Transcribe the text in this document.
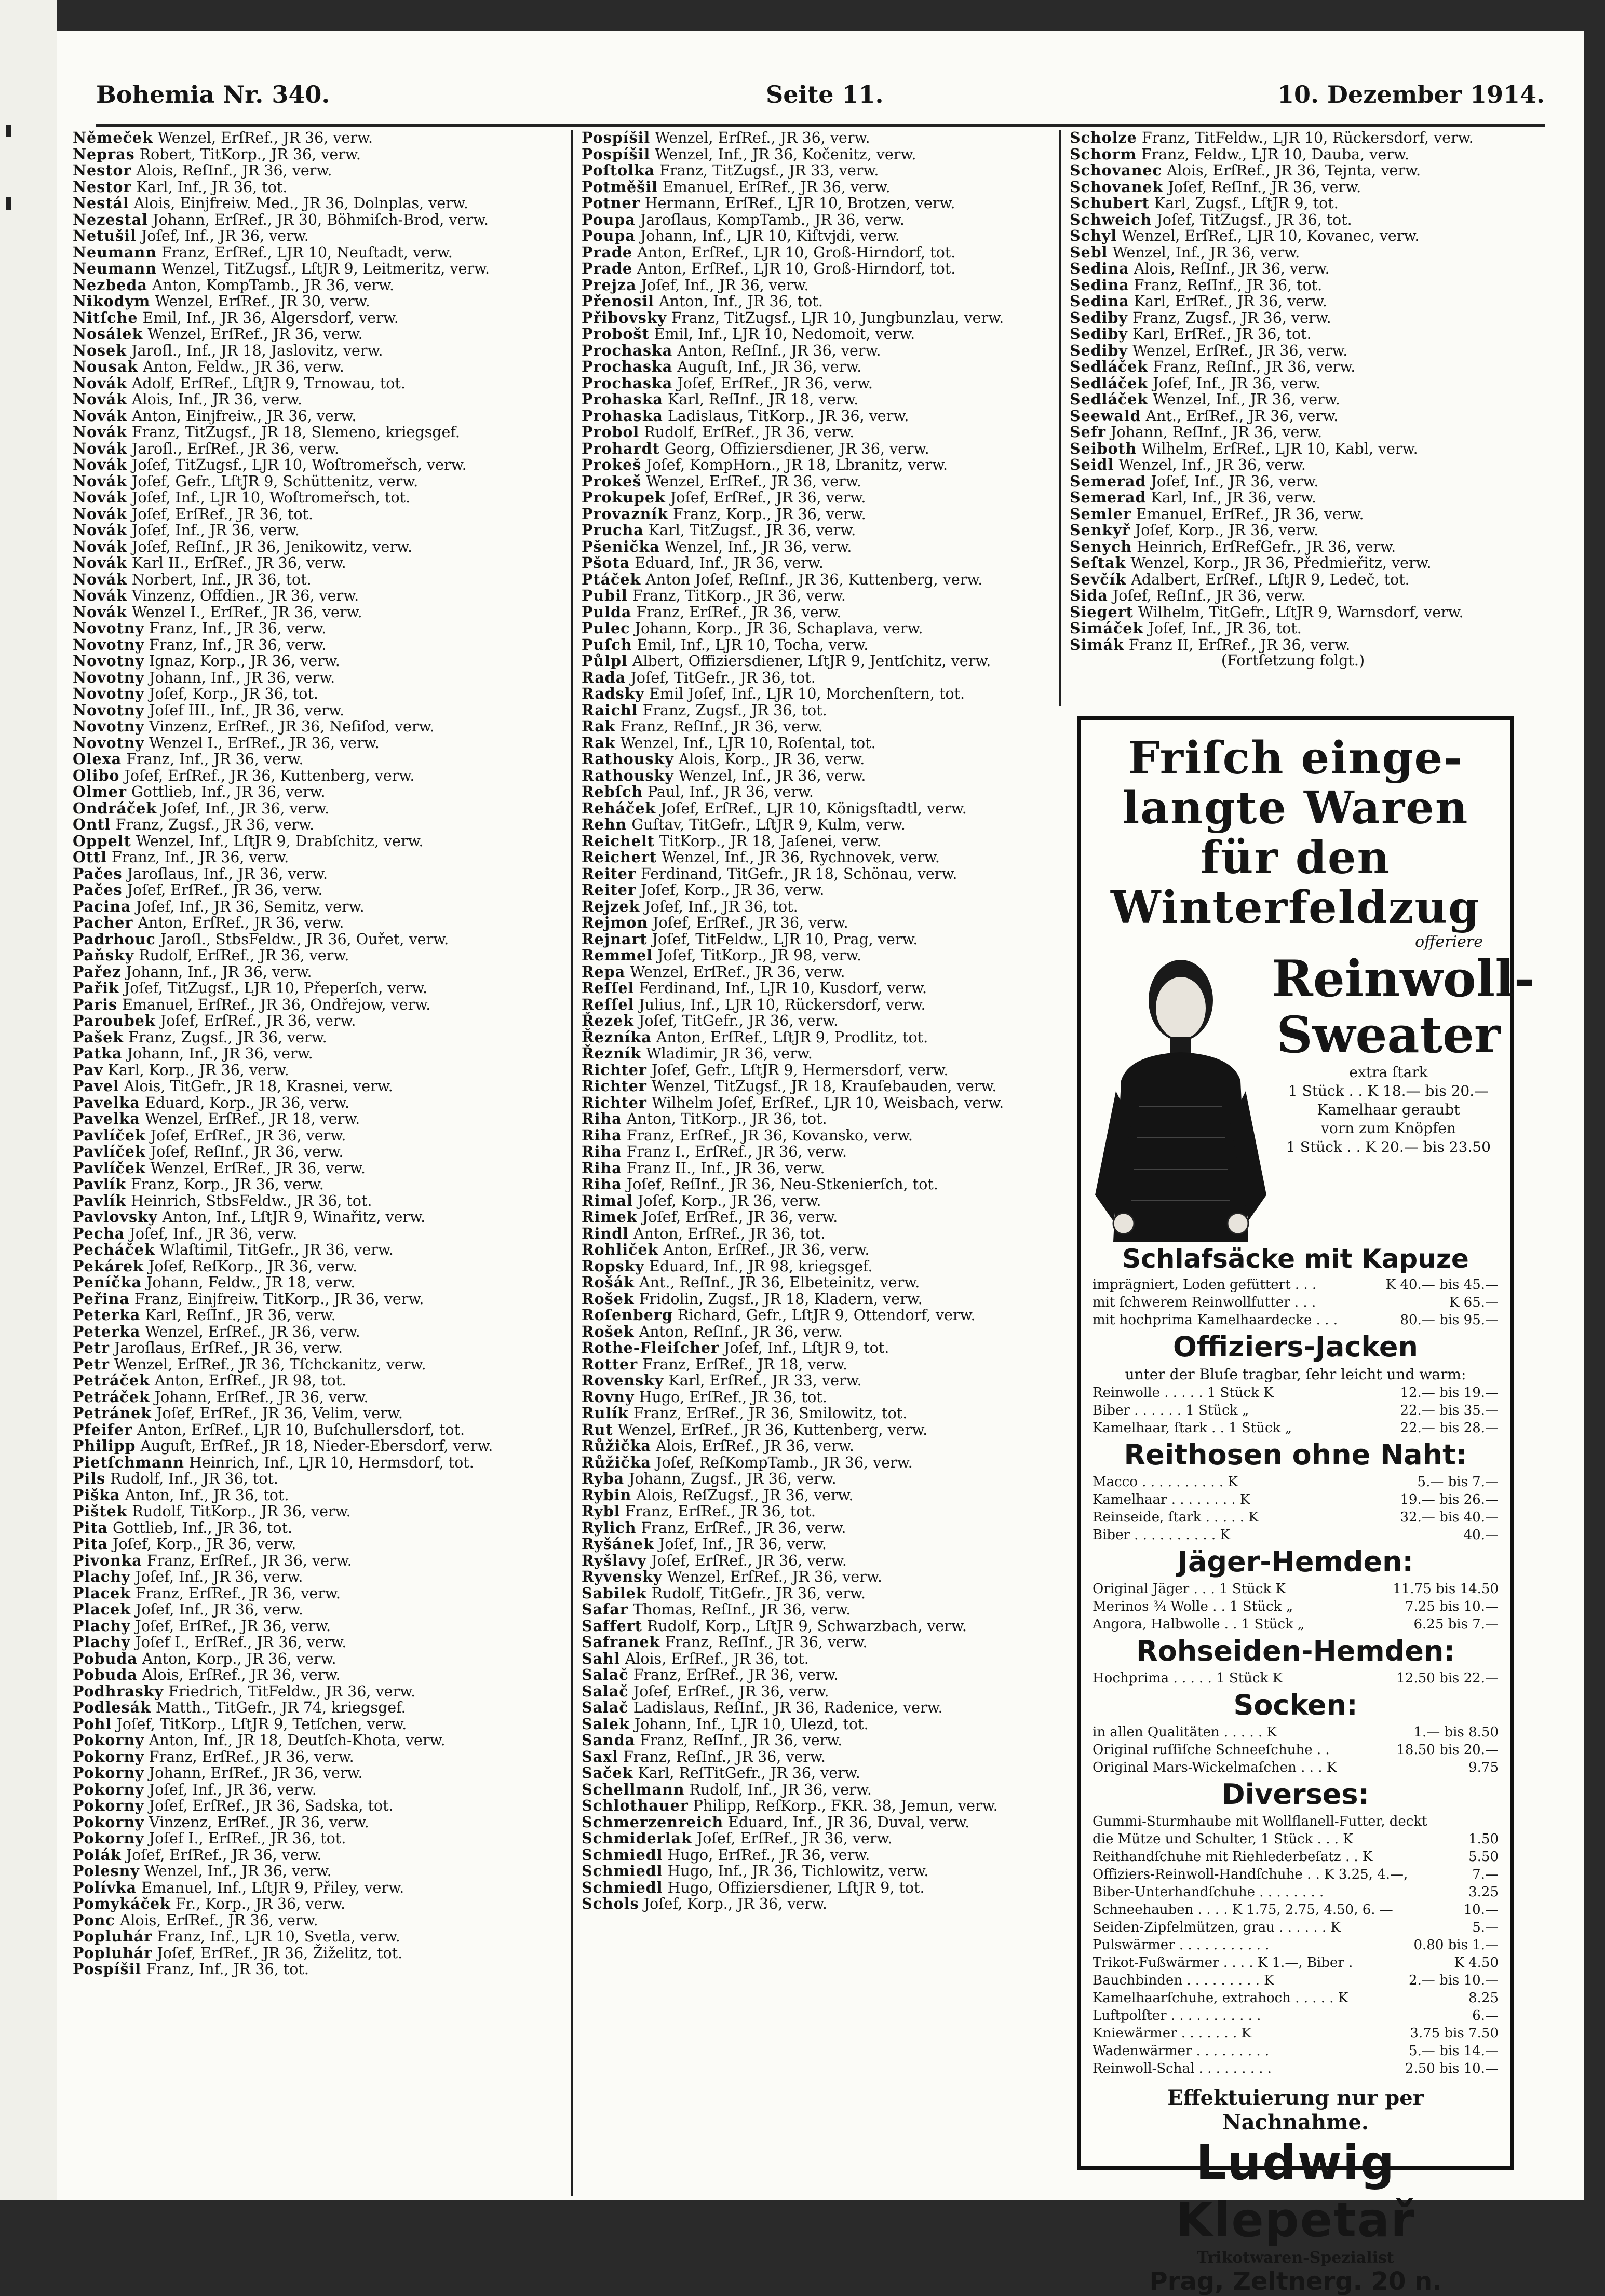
Bohemia Nr. 340.	Seite 11.	10. Dezember 1914.
Němeček Wenzel, ErſRef., JR 36, verw.
Nepras Robert, TitKorp., JR 36, verw.
Nestor Alois, ReſInf., JR 36, verw.
Nestor Karl, Inf., JR 36, tot.
Nestál Alois, Einjfreiw. Med., JR 36, Dolnplas, verw.
Nezestal Johann, ErſRef., JR 30, Böhmiſch-Brod, verw.
Netušil Joſef, Inf., JR 36, verw.
Neumann Franz, ErſRef., LJR 10, Neuſtadt, verw.
Neumann Wenzel, TitZugsf., LſtJR 9, Leitmeritz, verw.
Nezbeda Anton, KompTamb., JR 36, verw.
Nikodym Wenzel, ErſRef., JR 30, verw.
Nitſche Emil, Inf., JR 36, Algersdorf, verw.
Nosálek Wenzel, ErſRef., JR 36, verw.
Nosek Jaroſl., Inf., JR 18, Jaslovitz, verw.
Nousak Anton, Feldw., JR 36, verw.
Novák Adolf, ErſRef., LſtJR 9, Trnowau, tot.
Novák Alois, Inf., JR 36, verw.
Novák Anton, Einjfreiw., JR 36, verw.
Novák Franz, TitZugsf., JR 18, Slemeno, kriegsgef.
Novák Jaroſl., ErſRef., JR 36, verw.
Novák Joſef, TitZugsf., LJR 10, Woſtromeřsch, verw.
Novák Joſef, Gefr., LſtJR 9, Schüttenitz, verw.
Novák Joſef, Inf., LJR 10, Woſtromeřsch, tot.
Novák Joſef, ErſRef., JR 36, tot.
Novák Joſef, Inf., JR 36, verw.
Novák Joſef, ReſInf., JR 36, Jenikowitz, verw.
Novák Karl II., ErſRef., JR 36, verw.
Novák Norbert, Inf., JR 36, tot.
Novák Vinzenz, Offdien., JR 36, verw.
Novák Wenzel I., ErſRef., JR 36, verw.
Novotny Franz, Inf., JR 36, verw.
Novotny Franz, Inf., JR 36, verw.
Novotny Ignaz, Korp., JR 36, verw.
Novotny Johann, Inf., JR 36, verw.
Novotny Joſef, Korp., JR 36, tot.
Novotny Joſef III., Inf., JR 36, verw.
Novotny Vinzenz, ErſRef., JR 36, Neſiſod, verw.
Novotny Wenzel I., ErſRef., JR 36, verw.
Olexa Franz, Inf., JR 36, verw.
Olibo Joſef, ErſRef., JR 36, Kuttenberg, verw.
Olmer Gottlieb, Inf., JR 36, verw.
Ondráček Joſef, Inf., JR 36, verw.
Ontl Franz, Zugsf., JR 36, verw.
Oppelt Wenzel, Inf., LſtJR 9, Drabſchitz, verw.
Ottl Franz, Inf., JR 36, verw.
Pačes Jaroſlaus, Inf., JR 36, verw.
Pačes Joſef, ErſRef., JR 36, verw.
Pacina Joſef, Inf., JR 36, Semitz, verw.
Pacher Anton, ErſRef., JR 36, verw.
Padrhouc Jaroſl., StbsFeldw., JR 36, Ouřet, verw.
Paňsky Rudolf, ErſRef., JR 36, verw.
Pařez Johann, Inf., JR 36, verw.
Pařik Joſef, TitZugsf., LJR 10, Přeperſch, verw.
Paris Emanuel, ErſRef., JR 36, Ondřejow, verw.
Paroubek Joſef, ErſRef., JR 36, verw.
Pašek Franz, Zugsf., JR 36, verw.
Patka Johann, Inf., JR 36, verw.
Pav Karl, Korp., JR 36, verw.
Pavel Alois, TitGefr., JR 18, Krasnei, verw.
Pavelka Eduard, Korp., JR 36, verw.
Pavelka Wenzel, ErſRef., JR 18, verw.
Pavlíček Joſef, ErſRef., JR 36, verw.
Pavlíček Joſef, ReſInf., JR 36, verw.
Pavlíček Wenzel, ErſRef., JR 36, verw.
Pavlík Franz, Korp., JR 36, verw.
Pavlík Heinrich, StbsFeldw., JR 36, tot.
Pavlovsky Anton, Inf., LſtJR 9, Winařitz, verw.
Pecha Joſef, Inf., JR 36, verw.
Pecháček Wlaſtimil, TitGefr., JR 36, verw.
Pekárek Joſef, ReſKorp., JR 36, verw.
Peníčka Johann, Feldw., JR 18, verw.
Peřina Franz, Einjfreiw. TitKorp., JR 36, verw.
Peterka Karl, ReſInf., JR 36, verw.
Peterka Wenzel, ErſRef., JR 36, verw.
Petr Jaroſlaus, ErſRef., JR 36, verw.
Petr Wenzel, ErſRef., JR 36, Tſchckanitz, verw.
Petráček Anton, ErſRef., JR 98, tot.
Petráček Johann, ErſRef., JR 36, verw.
Petránek Joſef, ErſRef., JR 36, Velim, verw.
Pfeifer Anton, ErſRef., LJR 10, Buſchullersdorf, tot.
Philipp Auguſt, ErſRef., JR 18, Nieder-Ebersdorf, verw.
Pietſchmann Heinrich, Inf., LJR 10, Hermsdorf, tot.
Pils Rudolf, Inf., JR 36, tot.
Piška Anton, Inf., JR 36, tot.
Pištek Rudolf, TitKorp., JR 36, verw.
Pita Gottlieb, Inf., JR 36, tot.
Pita Joſef, Korp., JR 36, verw.
Pivonka Franz, ErſRef., JR 36, verw.
Plachy Joſef, Inf., JR 36, verw.
Placek Franz, ErſRef., JR 36, verw.
Placek Joſef, Inf., JR 36, verw.
Plachy Joſef, ErſRef., JR 36, verw.
Plachy Joſef I., ErſRef., JR 36, verw.
Pobuda Anton, Korp., JR 36, verw.
Pobuda Alois, ErſRef., JR 36, verw.
Podhrasky Friedrich, TitFeldw., JR 36, verw.
Podlesák Matth., TitGefr., JR 74, kriegsgef.
Pohl Joſef, TitKorp., LſtJR 9, Tetſchen, verw.
Pokorny Anton, Inf., JR 18, Deutſch-Khota, verw.
Pokorny Franz, ErſRef., JR 36, verw.
Pokorny Johann, ErſRef., JR 36, verw.
Pokorny Joſef, Inf., JR 36, verw.
Pokorny Joſef, ErſRef., JR 36, Sadska, tot.
Pokorny Vinzenz, ErſRef., JR 36, verw.
Pokorny Joſef I., ErſRef., JR 36, tot.
Polák Joſef, ErſRef., JR 36, verw.
Polesny Wenzel, Inf., JR 36, verw.
Polívka Emanuel, Inf., LſtJR 9, Přiley, verw.
Pomykáček Fr., Korp., JR 36, verw.
Ponc Alois, ErſRef., JR 36, verw.
Popluhár Franz, Inf., LJR 10, Svetla, verw.
Popluhár Joſef, ErſRef., JR 36, Žiželitz, tot.
Pospíšil Franz, Inf., JR 36, tot.
Pospíšil Wenzel, ErſRef., JR 36, verw.
Pospíšil Wenzel, Inf., JR 36, Kočenitz, verw.
Poſtolka Franz, TitZugsf., JR 33, verw.
Potměšil Emanuel, ErſRef., JR 36, verw.
Potner Hermann, ErſRef., LJR 10, Brotzen, verw.
Poupa Jaroſlaus, KompTamb., JR 36, verw.
Poupa Johann, Inf., LJR 10, Kiſtvjdi, verw.
Prade Anton, ErſRef., LJR 10, Groß-Hirndorf, tot.
Prade Anton, ErſRef., LJR 10, Groß-Hirndorf, tot.
Prejza Joſef, Inf., JR 36, verw.
Přenosil Anton, Inf., JR 36, tot.
Přibovsky Franz, TitZugsf., LJR 10, Jungbunzlau, verw.
Probošt Emil, Inf., LJR 10, Nedomoit, verw.
Prochaska Anton, ReſInf., JR 36, verw.
Prochaska Auguſt, Inf., JR 36, verw.
Prochaska Joſef, ErſRef., JR 36, verw.
Prohaska Karl, ReſInf., JR 18, verw.
Prohaska Ladislaus, TitKorp., JR 36, verw.
Probol Rudolf, ErſRef., JR 36, verw.
Prohardt Georg, Offiziersdiener, JR 36, verw.
Prokeš Joſef, KompHorn., JR 18, Lbranitz, verw.
Prokeš Wenzel, ErſRef., JR 36, verw.
Prokupek Joſef, ErſRef., JR 36, verw.
Provazník Franz, Korp., JR 36, verw.
Prucha Karl, TitZugsf., JR 36, verw.
Pšenička Wenzel, Inf., JR 36, verw.
Pšota Eduard, Inf., JR 36, verw.
Ptáček Anton Joſef, ReſInf., JR 36, Kuttenberg, verw.
Pubil Franz, TitKorp., JR 36, verw.
Pulda Franz, ErſRef., JR 36, verw.
Pulec Johann, Korp., JR 36, Schaplava, verw.
Puſch Emil, Inf., LJR 10, Tocha, verw.
Půlpl Albert, Offiziersdiener, LſtJR 9, Jentſchitz, verw.
Rada Joſef, TitGefr., JR 36, tot.
Radsky Emil Joſef, Inf., LJR 10, Morchenſtern, tot.
Raichl Franz, Zugsf., JR 36, tot.
Rak Franz, ReſInf., JR 36, verw.
Rak Wenzel, Inf., LJR 10, Roſental, tot.
Rathousky Alois, Korp., JR 36, verw.
Rathousky Wenzel, Inf., JR 36, verw.
Rebſch Paul, Inf., JR 36, verw.
Reháček Joſef, ErſRef., LJR 10, Königsſtadtl, verw.
Rehn Guſtav, TitGefr., LſtJR 9, Kulm, verw.
Reichelt TitKorp., JR 18, Jaſenei, verw.
Reichert Wenzel, Inf., JR 36, Rychnovek, verw.
Reiter Ferdinand, TitGefr., JR 18, Schönau, verw.
Reiter Joſef, Korp., JR 36, verw.
Rejzek Joſef, Inf., JR 36, tot.
Rejmon Joſef, ErſRef., JR 36, verw.
Rejnart Joſef, TitFeldw., LJR 10, Prag, verw.
Remmel Joſef, TitKorp., JR 98, verw.
Repa Wenzel, ErſRef., JR 36, verw.
Reſſel Ferdinand, Inf., LJR 10, Kusdorf, verw.
Reſſel Julius, Inf., LJR 10, Rückersdorf, verw.
Řezek Joſef, TitGefr., JR 36, verw.
Řezníka Anton, ErſRef., LſtJR 9, Prodlitz, tot.
Řezník Wladimir, JR 36, verw.
Richter Joſef, Gefr., LſtJR 9, Hermersdorf, verw.
Richter Wenzel, TitZugsf., JR 18, Krauſebauden, verw.
Richter Wilhelm Joſef, ErſRef., LJR 10, Weisbach, verw.
Riha Anton, TitKorp., JR 36, tot.
Riha Franz, ErſRef., JR 36, Kovansko, verw.
Riha Franz I., ErſRef., JR 36, verw.
Riha Franz II., Inf., JR 36, verw.
Riha Joſef, ReſInf., JR 36, Neu-Stkenierſch, tot.
Rimal Joſef, Korp., JR 36, verw.
Rimek Joſef, ErſRef., JR 36, verw.
Rindl Anton, ErſRef., JR 36, tot.
Rohliček Anton, ErſRef., JR 36, verw.
Ropsky Eduard, Inf., JR 98, kriegsgef.
Rošák Ant., ReſInf., JR 36, Elbeteinitz, verw.
Rošek Fridolin, Zugsf., JR 18, Kladern, verw.
Roſenberg Richard, Gefr., LſtJR 9, Ottendorf, verw.
Rošek Anton, ReſInf., JR 36, verw.
Rothe-Fleiſcher Joſef, Inf., LſtJR 9, tot.
Rotter Franz, ErſRef., JR 18, verw.
Rovensky Karl, ErſRef., JR 33, verw.
Rovny Hugo, ErſRef., JR 36, tot.
Rulík Franz, ErſRef., JR 36, Smilowitz, tot.
Rut Wenzel, ErſRef., JR 36, Kuttenberg, verw.
Růžička Alois, ErſRef., JR 36, verw.
Růžička Joſef, ReſKompTamb., JR 36, verw.
Ryba Johann, Zugsf., JR 36, verw.
Rybin Alois, ReſZugsf., JR 36, verw.
Rybl Franz, ErſRef., JR 36, tot.
Rylich Franz, ErſRef., JR 36, verw.
Ryšánek Joſef, Inf., JR 36, verw.
Ryšlavy Joſef, ErſRef., JR 36, verw.
Ryvensky Wenzel, ErſRef., JR 36, verw.
Sabilek Rudolf, TitGefr., JR 36, verw.
Safar Thomas, ReſInf., JR 36, verw.
Saffert Rudolf, Korp., LſtJR 9, Schwarzbach, verw.
Safranek Franz, ReſInf., JR 36, verw.
Sahl Alois, ErſRef., JR 36, tot.
Salač Franz, ErſRef., JR 36, verw.
Salač Joſef, ErſRef., JR 36, verw.
Salač Ladislaus, ReſInf., JR 36, Radenice, verw.
Salek Johann, Inf., LJR 10, Ulezd, tot.
Sanda Franz, ReſInf., JR 36, verw.
Saxl Franz, ReſInf., JR 36, verw.
Saček Karl, ReſTitGefr., JR 36, verw.
Schellmann Rudolf, Inf., JR 36, verw.
Schlothauer Philipp, ReſKorp., FKR. 38, Jemun, verw.
Schmerzenreich Eduard, Inf., JR 36, Duval, verw.
Schmiderlak Joſef, ErſRef., JR 36, verw.
Schmiedl Hugo, ErſRef., JR 36, verw.
Schmiedl Hugo, Inf., JR 36, Tichlowitz, verw.
Schmiedl Hugo, Offiziersdiener, LſtJR 9, tot.
Schols Joſef, Korp., JR 36, verw.
Scholze Franz, TitFeldw., LJR 10, Rückersdorf, verw.
Schorm Franz, Feldw., LJR 10, Dauba, verw.
Schovanec Alois, ErſRef., JR 36, Tejnta, verw.
Schovanek Joſef, ReſInf., JR 36, verw.
Schubert Karl, Zugsf., LſtJR 9, tot.
Schweich Joſef, TitZugsf., JR 36, tot.
Schyl Wenzel, ErſRef., LJR 10, Kovanec, verw.
Sebl Wenzel, Inf., JR 36, verw.
Sedina Alois, ReſInf., JR 36, verw.
Sedina Franz, ReſInf., JR 36, tot.
Sedina Karl, ErſRef., JR 36, verw.
Sediby Franz, Zugsf., JR 36, verw.
Sediby Karl, ErſRef., JR 36, tot.
Sediby Wenzel, ErſRef., JR 36, verw.
Sedláček Franz, ReſInf., JR 36, verw.
Sedláček Joſef, Inf., JR 36, verw.
Sedláček Wenzel, Inf., JR 36, verw.
Seewald Ant., ErſRef., JR 36, verw.
Sefr Johann, ReſInf., JR 36, verw.
Seiboth Wilhelm, ErſRef., LJR 10, Kabl, verw.
Seidl Wenzel, Inf., JR 36, verw.
Semerad Joſef, Inf., JR 36, verw.
Semerad Karl, Inf., JR 36, verw.
Semler Emanuel, ErſRef., JR 36, verw.
Senkyř Joſef, Korp., JR 36, verw.
Senych Heinrich, ErſRefGefr., JR 36, verw.
Seſtak Wenzel, Korp., JR 36, Předmieřitz, verw.
Sevčík Adalbert, ErſRef., LſtJR 9, Ledeč, tot.
Sida Joſef, ReſInf., JR 36, verw.
Siegert Wilhelm, TitGefr., LſtJR 9, Warnsdorf, verw.
Simáček Joſef, Inf., JR 36, tot.
Simák Franz II, ErſRef., JR 36, verw.
(Fortſetzung folgt.)
Friſch einge-
langte Waren für den
Winterfeldzug
offeriere
Reinwoll-
Sweater
extra ſtark
1 Stück . . K 18.— bis 20.—
Kamelhaar geraubt
vorn zum Knöpfen
1 Stück . . K 20.— bis 23.50
Schlafsäcke mit Kapuze
imprägniert, Loden gefüttert . . .	K 40.— bis 45.—
mit ſchwerem Reinwollfutter . . .	K 65.—
mit hochprima Kamelhaardecke . . .	80.— bis 95.—
Offiziers-Jacken
unter der Bluſe tragbar, ſehr leicht und warm:
Reinwolle . . . . . 1 Stück K	12.— bis 19.—
Biber . . . . . . 1 Stück „	22.— bis 35.—
Kamelhaar, ſtark . . 1 Stück „	22.— bis 28.—
Reithosen ohne Naht:
Macco . . . . . . . . . . K	5.— bis 7.—
Kamelhaar . . . . . . . . K	19.— bis 26.—
Reinseide, ſtark . . . . . K	32.— bis 40.—
Biber . . . . . . . . . . K	40.—
Jäger-Hemden:
Original Jäger . . . 1 Stück K	11.75 bis 14.50
Merinos ¾ Wolle . . 1 Stück „	7.25 bis 10.—
Angora, Halbwolle . . 1 Stück „	6.25 bis 7.—
Rohseiden-Hemden:
Hochprima . . . . . 1 Stück K	12.50 bis 22.—
Socken:
in allen Qualitäten . . . . . K	1.— bis 8.50
Original ruſſiſche Schneeſchuhe . .	18.50 bis 20.—
Original Mars-Wickelmaſchen . . . K	9.75
Diverses:
Gummi-Sturmhaube mit Wollflanell-Futter, deckt
die Mütze und Schulter, 1 Stück . . . K	1.50
Reithandſchuhe mit Riehlederbeſatz . . K	5.50
Offiziers-Reinwoll-Handſchuhe . . K 3.25, 4.—,	7.—
Biber-Unterhandſchuhe . . . . . . . .	3.25
Schneehauben . . . . K 1.75, 2.75, 4.50, 6. —	10.—
Seiden-Zipfelmützen, grau . . . . . . K	5.—
Pulswärmer . . . . . . . . . . .	0.80 bis 1.—
Trikot-Fußwärmer . . . . K 1.—, Biber .	K 4.50
Bauchbinden . . . . . . . . . K	2.— bis 10.—
Kamelhaarſchuhe, extrahoch . . . . . K	8.25
Luftpolſter . . . . . . . . . . .	6.—
Kniewärmer . . . . . . . K	3.75 bis 7.50
Wadenwärmer . . . . . . . . .	5.— bis 14.—
Reinwoll-Schal . . . . . . . . .	2.50 bis 10.—
Effektuierung nur per Nachnahme.
Ludwig Klepetař
Trikotwaren-Spezialist
Prag, Zeltnerg. 20 n.
